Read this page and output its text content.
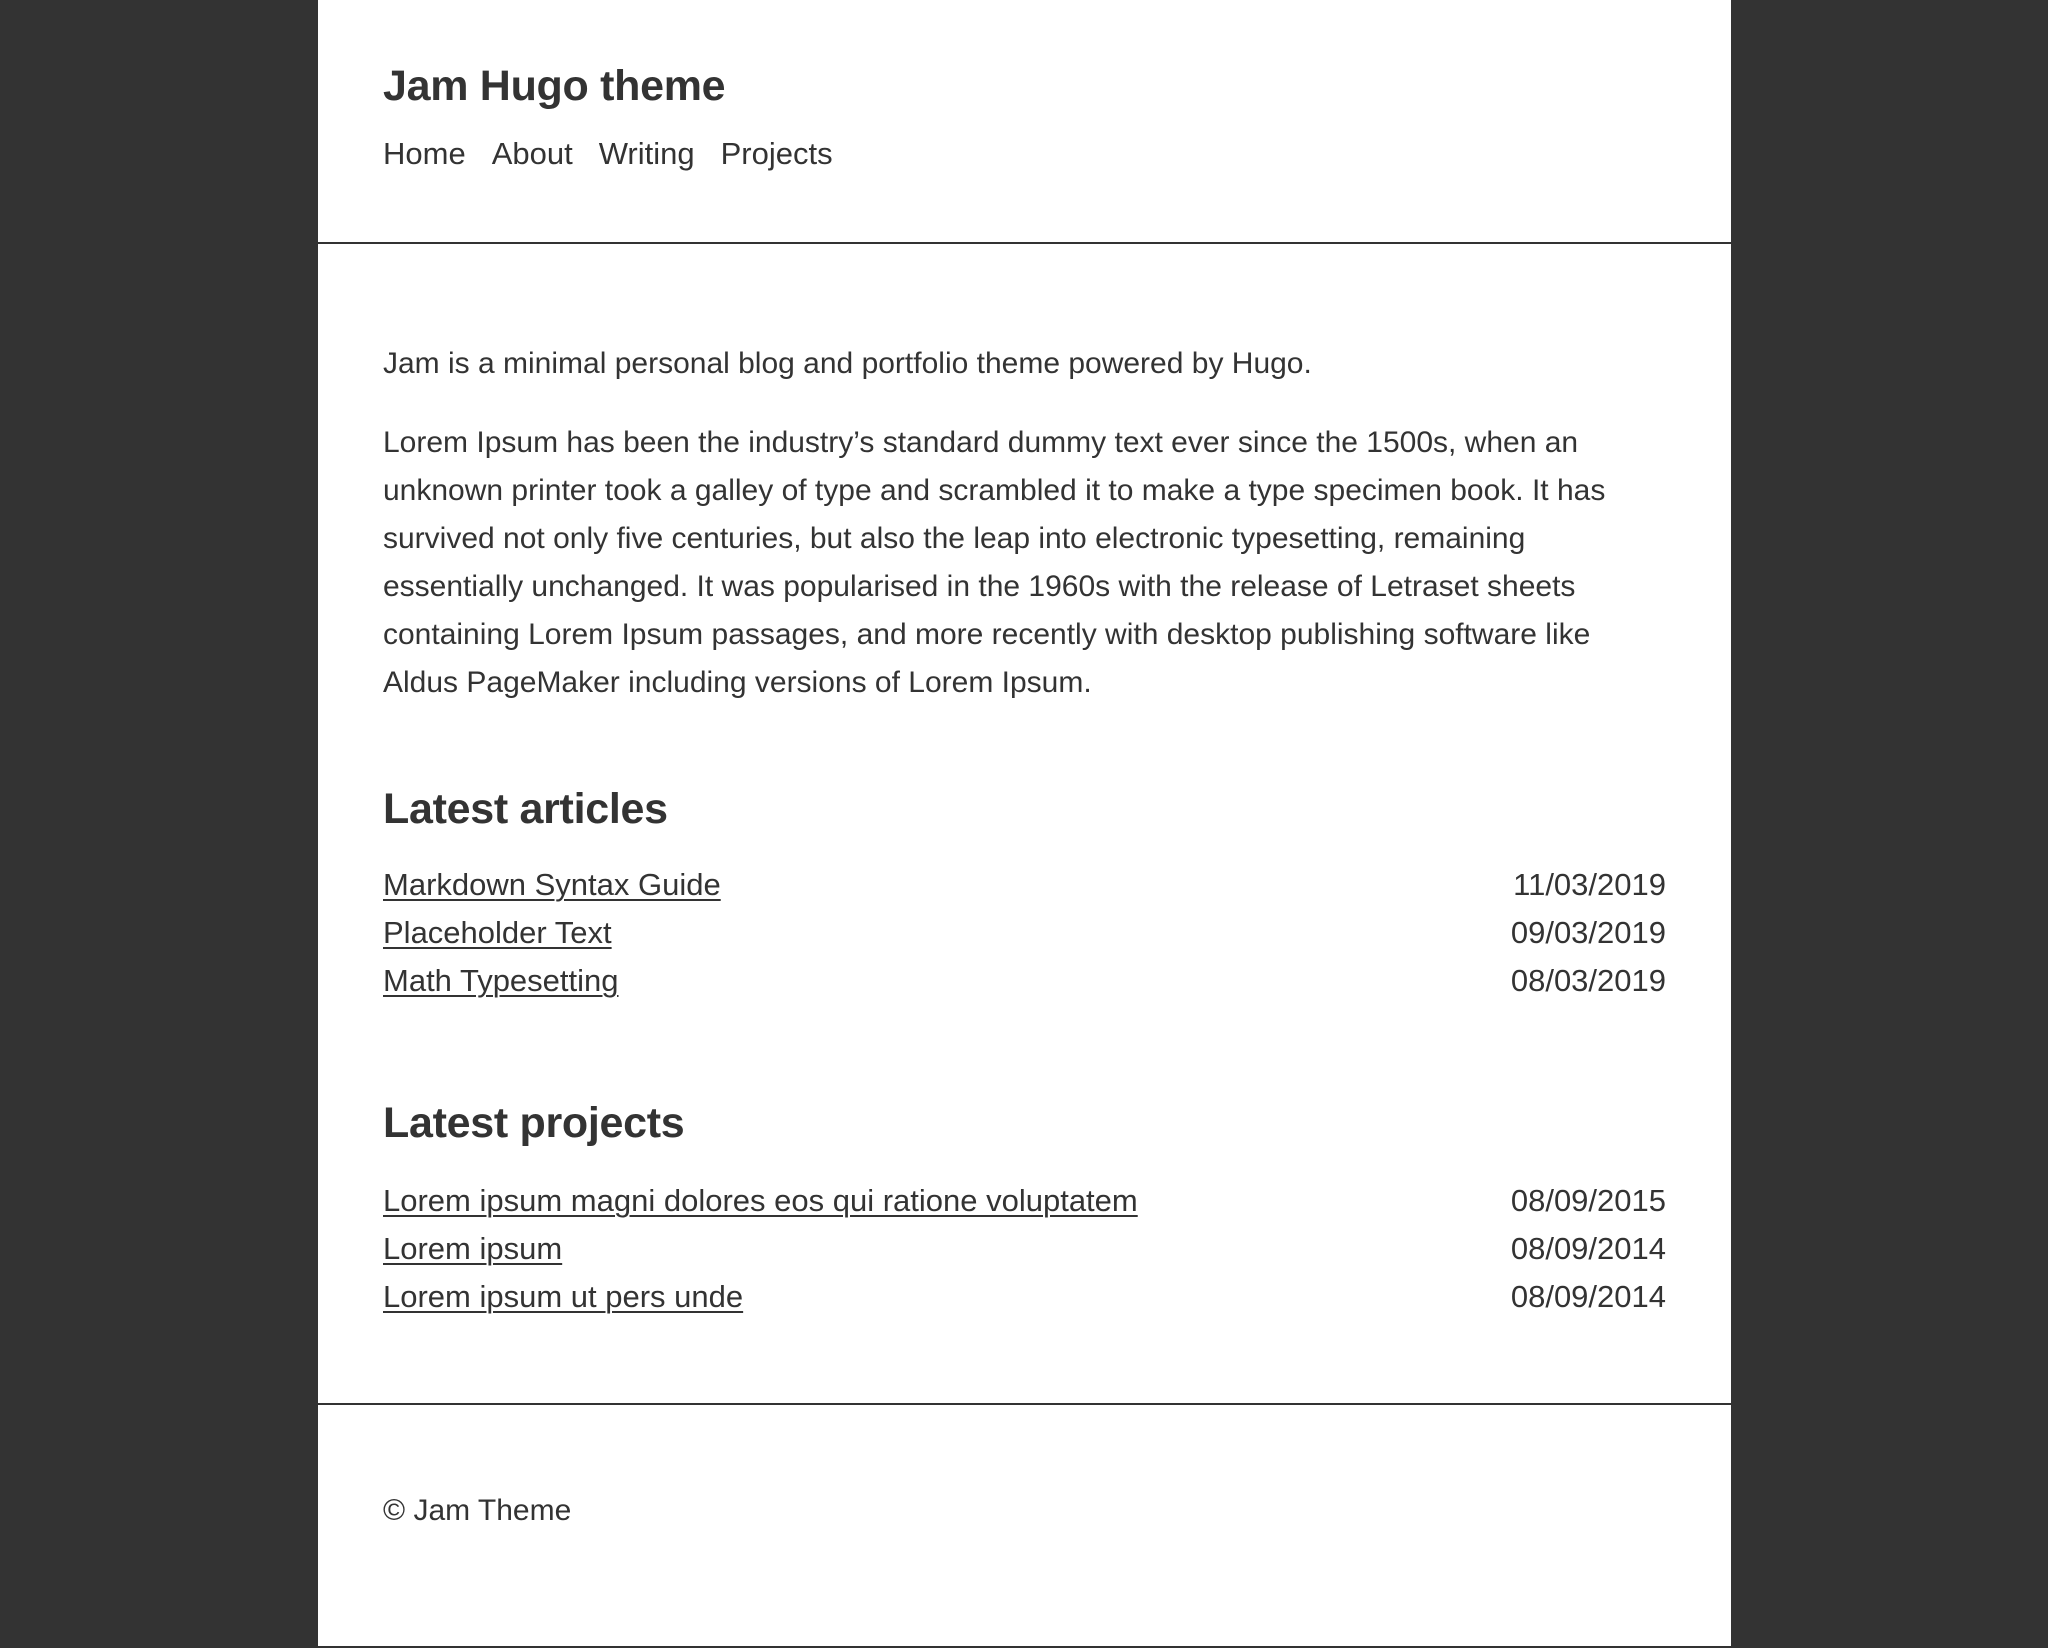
Jam Hugo theme
Home About Writing Projects

Jam is a minimal personal blog and portfolio theme powered by Hugo.

Lorem Ipsum has been the industry’s standard dummy text ever since the 1500s, when an unknown printer took a galley of type and scrambled it to make a type specimen book. It has survived not only five centuries, but also the leap into electronic typesetting, remaining essentially unchanged. It was popularised in the 1960s with the release of Letraset sheets containing Lorem Ipsum passages, and more recently with desktop publishing software like Aldus PageMaker including versions of Lorem Ipsum.

Latest articles
Latest projects
Markdown Syntax Guide	11/03/2019
Placeholder Text	09/03/2019
Math Typesetting	08/03/2019
Lorem ipsum magni dolores eos qui ratione voluptatem	08/09/2015
Lorem ipsum	08/09/2014
Lorem ipsum ut pers unde	08/09/2014

© Jam Theme
